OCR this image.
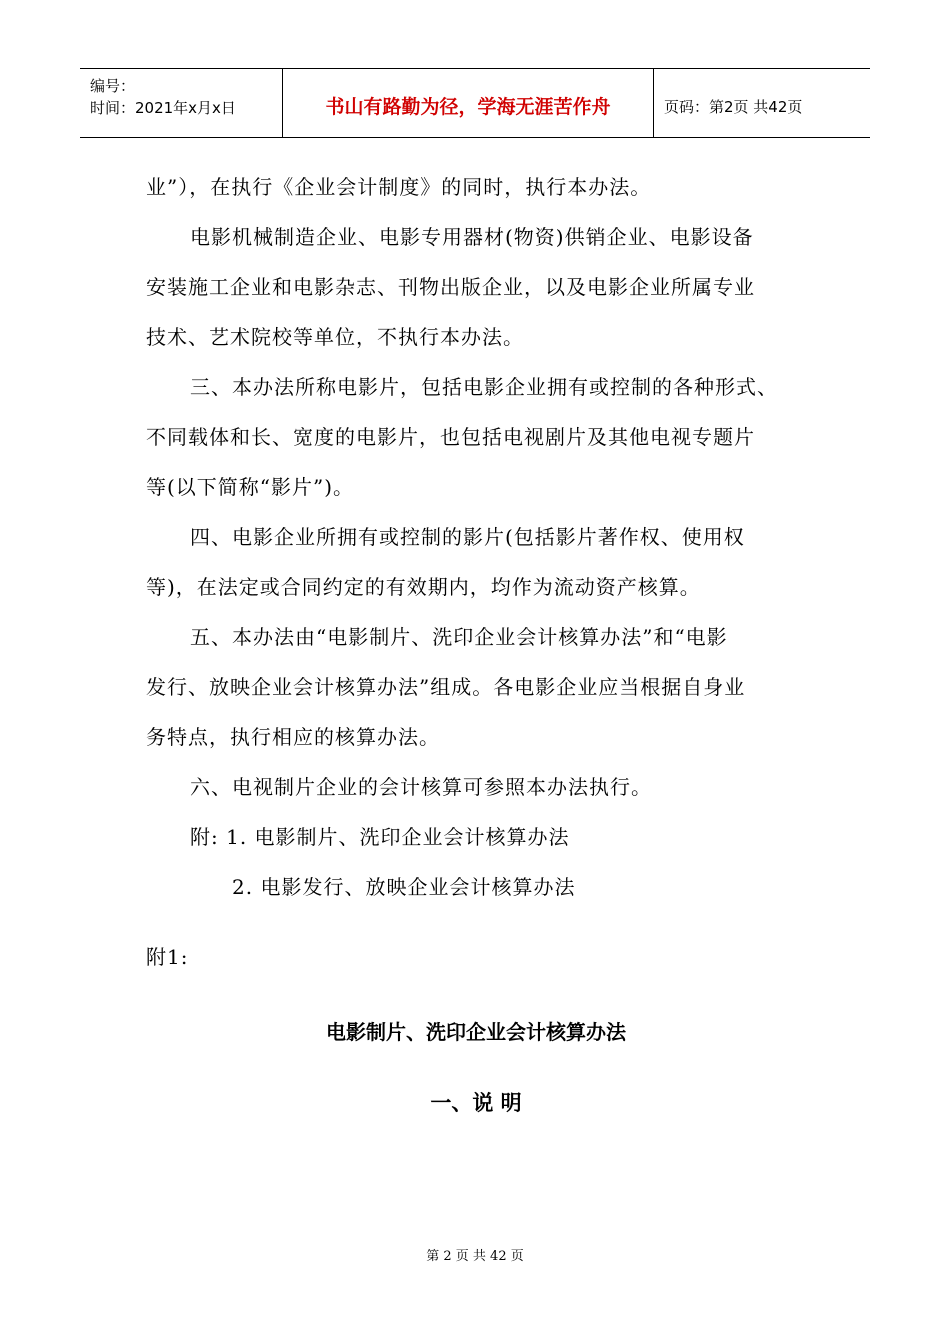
编号：
时间：2021年x月x日	书山有路勤为径，学海无涯苦作舟	页码：第2页 共42页
业”），在执行《企业会计制度》的同时，执行本办法。
电影机械制造企业、电影专用器材(物资)供销企业、电影设备
安装施工企业和电影杂志、刊物出版企业，以及电影企业所属专业
技术、艺术院校等单位，不执行本办法。
三、本办法所称电影片，包括电影企业拥有或控制的各种形式、
不同载体和长、宽度的电影片，也包括电视剧片及其他电视专题片
等(以下简称“影片”)。
四、电影企业所拥有或控制的影片(包括影片著作权、使用权
等)，在法定或合同约定的有效期内，均作为流动资产核算。
五、本办法由“电影制片、洗印企业会计核算办法”和“电影
发行、放映企业会计核算办法”组成。各电影企业应当根据自身业
务特点，执行相应的核算办法。
六、电视制片企业的会计核算可参照本办法执行。
附: 1. 电影制片、洗印企业会计核算办法
2. 电影发行、放映企业会计核算办法
附1:
电影制片、洗印企业会计核算办法
一、说 明
第 2 页 共 42 页
